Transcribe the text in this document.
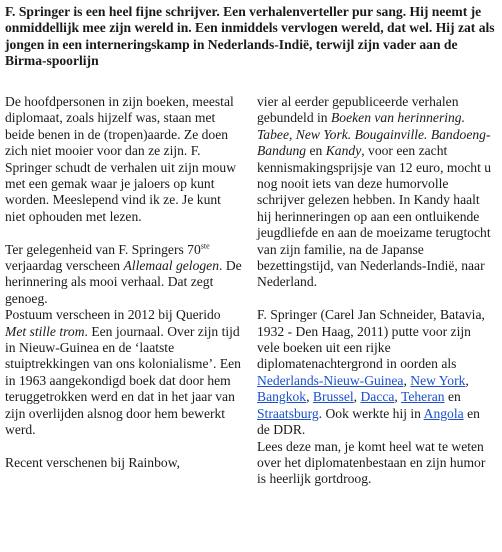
F. Springer is een heel fijne schrijver. Een verhalenverteller pur sang. Hij neemt je onmiddellijk mee zijn wereld in. Een inmiddels vervlogen wereld, dat wel. Hij zat als jongen in een interneringskamp in Nederlands-Indië, terwijl zijn vader aan de Birma-spoorlijn

De hoofdpersonen in zijn boeken, meestal diplomaat, zoals hijzelf was, staan met beide benen in de (tropen)aarde. Ze doen zich niet mooier voor dan ze zijn. F. Springer schudt de verhalen uit zijn mouw met een gemak waar je jaloers op kunt worden. Meeslepend vind ik ze. Je kunt niet ophouden met lezen.

Ter gelegenheid van F. Springers 70ste verjaardag verscheen Allemaal gelogen. De herinnering als mooi verhaal. Dat zegt genoeg.
Postuum verscheen in 2012 bij Querido Met stille trom. Een journaal. Over zijn tijd in Nieuw-Guinea en de ‘laatste stuiptrekkingen van ons kolonialisme’. Een in 1963 aangekondigd boek dat door hem teruggetrokken werd en dat in het jaar van zijn overlijden alsnog door hem bewerkt werd.

Recent verschenen bij Rainbow,

vier al eerder gepubliceerde verhalen gebundeld in Boeken van herinnering. Tabee, New York. Bougainville. Bandoeng-Bandung en Kandy, voor een zacht kennismakingsprijsje van 12 euro, mocht u nog nooit iets van deze humorvolle schrijver gelezen hebben. In Kandy haalt hij herinneringen op aan een ontluikende jeugdliefde en aan de moeizame terugtocht van zijn familie, na de Japanse bezettingstijd, van Nederlands-Indië, naar Nederland.

F. Springer (Carel Jan Schneider, Batavia, 1932 - Den Haag, 2011) putte voor zijn vele boeken uit een rijke diplomatenachtergrond in oorden als Nederlands-Nieuw-Guinea, New York, Bangkok, Brussel, Dacca, Teheran en Straatsburg. Ook werkte hij in Angola en de DDR.
Lees deze man, je komt heel wat te weten over het diplomatenbestaan en zijn humor is heerlijk gortdroog.
